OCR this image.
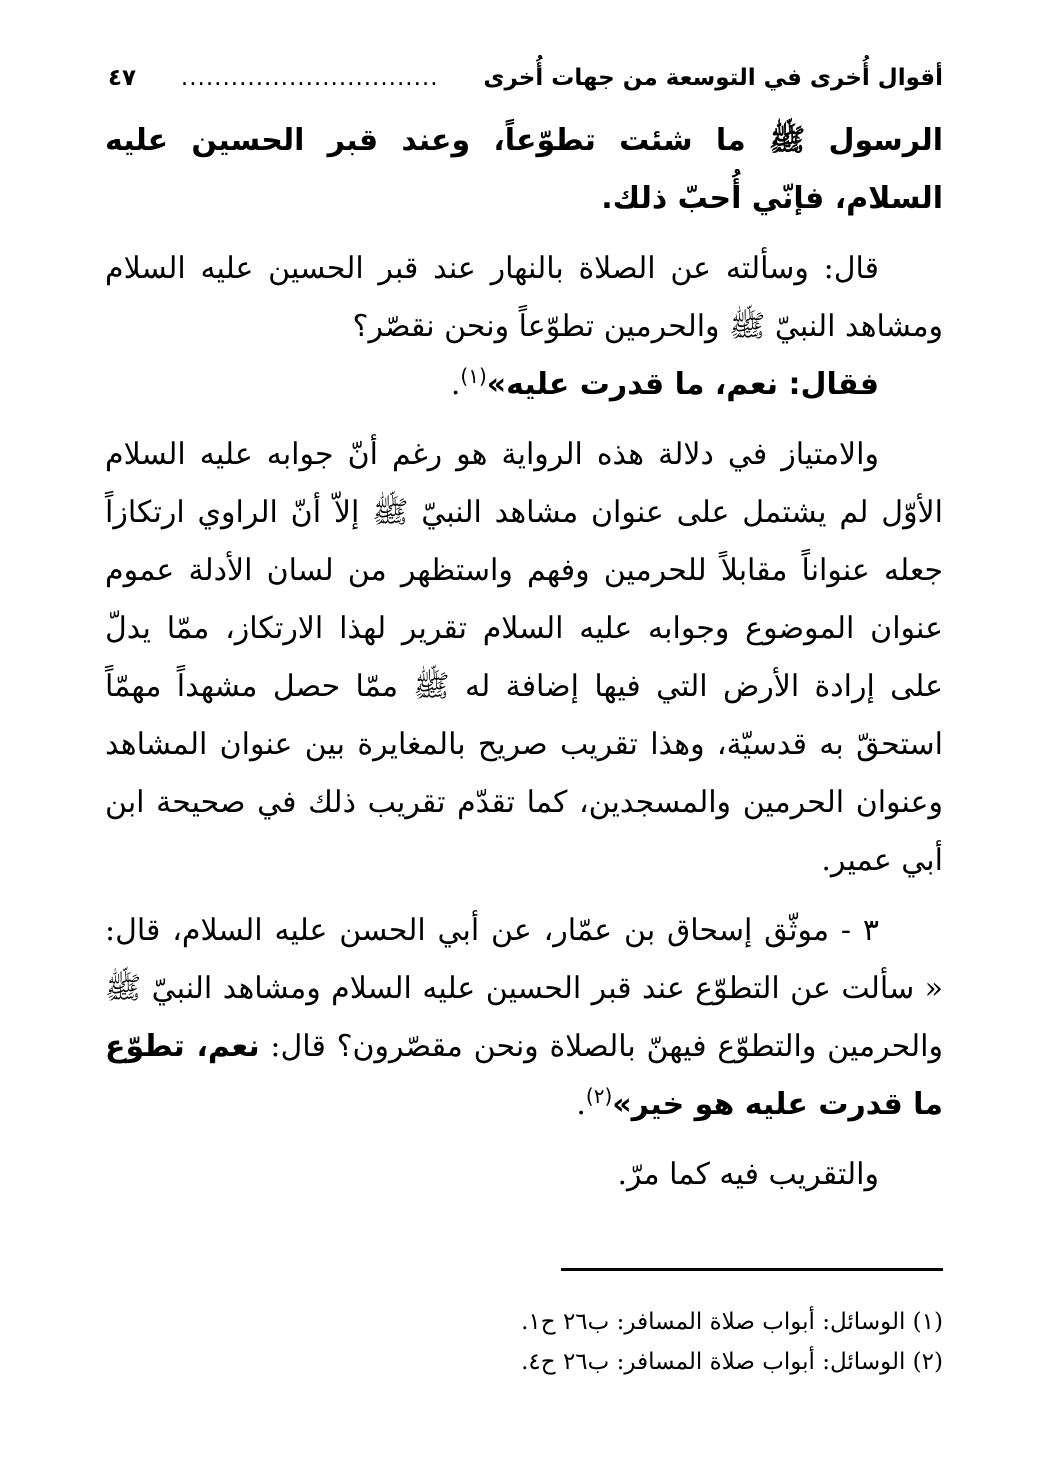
أقوال أُخرى في التوسعة من جهات أُخرى
...............................
٤٧

الرسول ﷺ ما شئت تطوّعاً، وعند قبر الحسين عليه السلام، فإنّي أُحبّ ذلك.

قال: وسألته عن الصلاة بالنهار عند قبر الحسين عليه السلام ومشاهد النبيّ ﷺ والحرمين تطوّعاً ونحن نقصّر؟

فقال: نعم، ما قدرت عليه»$^{(١)}$.

والامتياز في دلالة هذه الرواية هو رغم أنّ جوابه عليه السلام الأوّل لم يشتمل على عنوان مشاهد النبيّ ﷺ إلاّ أنّ الراوي ارتكازاً جعله عنواناً مقابلاً للحرمين وفهم واستظهر من لسان الأدلة عموم عنوان الموضوع وجوابه عليه السلام تقرير لهذا الارتكاز، ممّا يدلّ على إرادة الأرض التي فيها إضافة له ﷺ ممّا حصل مشهداً مهمّاً استحقّ به قدسيّة، وهذا تقريب صريح بالمغايرة بين عنوان المشاهد وعنوان الحرمين والمسجدين، كما تقدّم تقريب ذلك في صحيحة ابن أبي عمير.

٣ - موثّق إسحاق بن عمّار، عن أبي الحسن عليه السلام، قال: « سألت عن التطوّع عند قبر الحسين عليه السلام ومشاهد النبيّ ﷺ والحرمين والتطوّع فيهنّ بالصلاة ونحن مقصّرون؟ قال: نعم، تطوّع ما قدرت عليه هو خير»$^{(٢)}$.

والتقريب فيه كما مرّ.

(١) الوسائل: أبواب صلاة المسافر: ب٢٦ ح١.

(٢) الوسائل: أبواب صلاة المسافر: ب٢٦ ح٤.
